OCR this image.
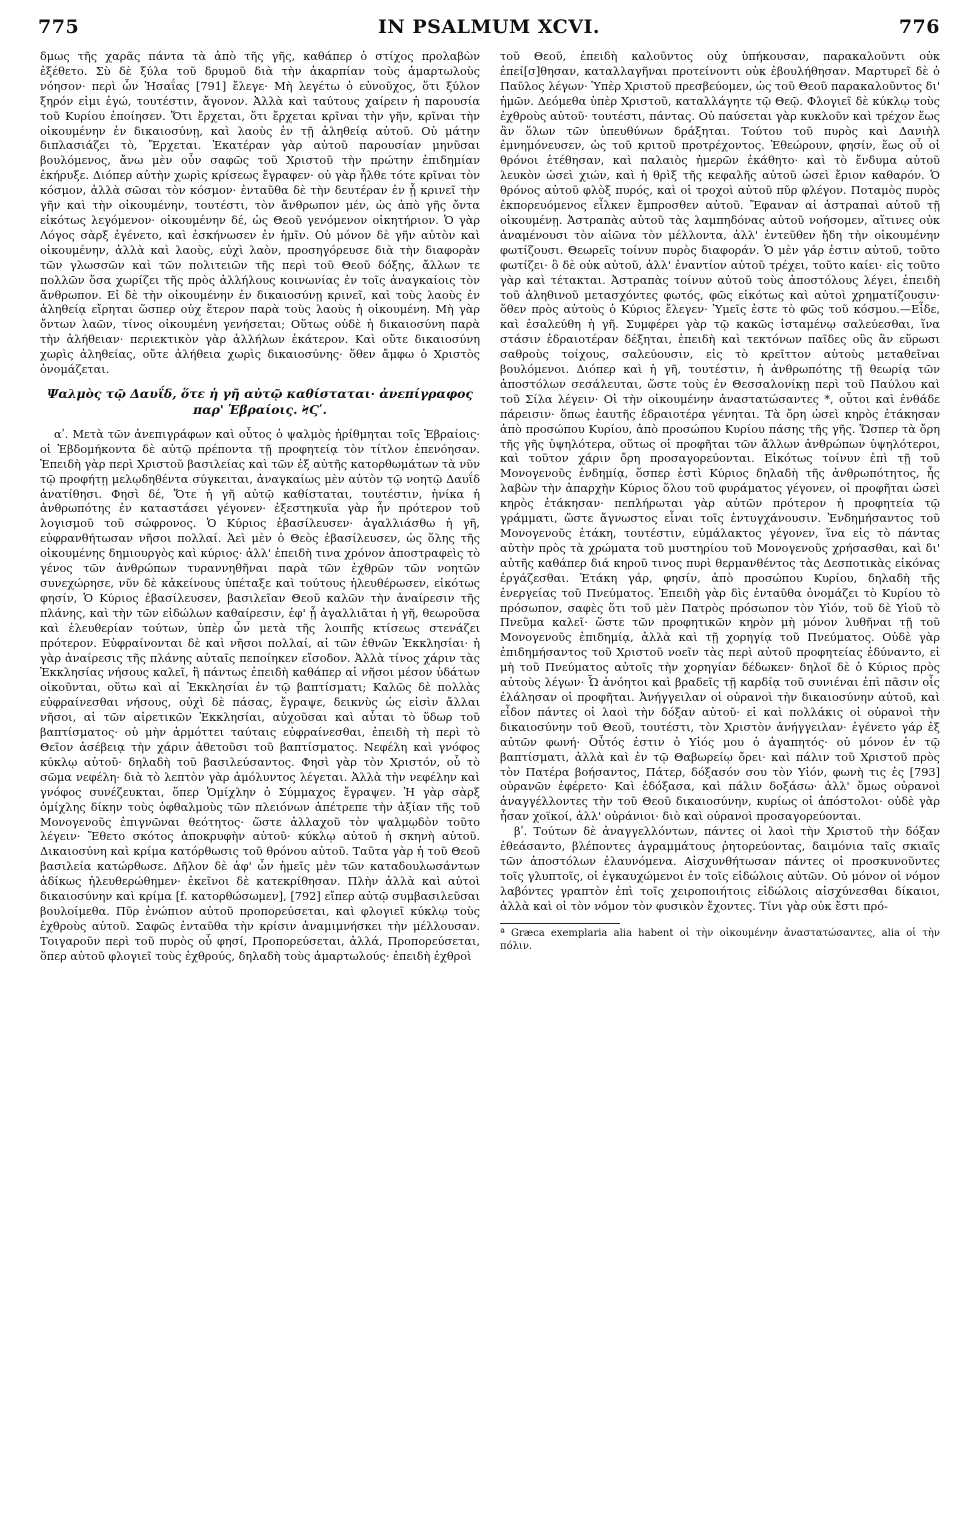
775	IN PSALMUM XCVI.	776

δμως τῆς χαρᾶς πάντα τὰ ἀπὸ τῆς γῆς, καθάπερ ὁ στίχος προλαβὼν ἐξέθετο. Σὺ δὲ ξύλα τοῦ δρυμοῦ διὰ τὴν ἀκαρπίαν τοὺς ἁμαρτωλοὺς νόησον· περὶ ὧν Ἡσαΐας [791] ἔλεγε· Μὴ λεγέτω ὁ εὐνοῦχος, ὅτι ξύλον ξηρόν εἰμι ἐγώ, τουτέστιν, ἄγονον. Ἀλλὰ καὶ ταύτους χαίρειν ἡ παρουσία τοῦ Κυρίου ἐποίησεν. Ὅτι ἔρχεται, ὅτι ἔρχεται κρῖναι τὴν γῆν, κρῖναι τὴν οἰκουμένην ἐν δικαιοσύνῃ, καὶ λαοὺς ἐν τῇ ἀληθείᾳ αὐτοῦ. Οὐ μάτην διπλασιάζει τὸ, Ἔρχεται. Ἑκατέραν γὰρ αὐτοῦ παρουσίαν μηνῦσαι βουλόμενος, ἄνω μὲν οὖν σαφῶς τοῦ Χριστοῦ τὴν πρώτην ἐπιδημίαν ἐκήρυξε. Διόπερ αὐτὴν χωρὶς κρίσεως ἔγραφεν· οὐ γὰρ ἦλθε τότε κρῖναι τὸν κόσμον, ἀλλὰ σῶσαι τὸν κόσμον· ἐνταῦθα δὲ τὴν δευτέραν ἐν ᾗ κρινεῖ τὴν γῆν καὶ τὴν οἰκουμένην, τουτέστι, τὸν ἄνθρωπον μέν, ὡς ἀπὸ γῆς ὄντα εἰκότως λεγόμενον· οἰκουμένην δέ, ὡς Θεοῦ γενόμενον οἰκητήριον. Ὁ γὰρ Λόγος σὰρξ ἐγένετο, καὶ ἐσκήνωσεν ἐν ἡμῖν. Οὐ μόνον δὲ γῆν αὐτὸν καὶ οἰκουμένην, ἀλλὰ καὶ λαοὺς, εὐχὶ λαὸν, προσηγόρευσε διὰ τὴν διαφορὰν τῶν γλωσσῶν καὶ τῶν πολιτειῶν τῆς περὶ τοῦ Θεοῦ δόξης, ἄλλων τε πολλῶν ὅσα χωρίζει τῆς πρὸς ἀλλήλους κοινωνίας ἐν τοῖς ἀναγκαίοις τὸν ἄνθρωπον. Εἰ δὲ τὴν οἰκουμένην ἐν δικαιοσύνῃ κρινεῖ, καὶ τοὺς λαοὺς ἐν ἀληθείᾳ εἴρηται ὥσπερ οὐχ ἕτερον παρὰ τοὺς λαοὺς ἡ οἰκουμένη. Μὴ γὰρ ὄντων λαῶν, τίνος οἰκουμένη γενήσεται; Οὕτως οὐδὲ ἡ δικαιοσύνη παρὰ τὴν ἀλήθειαν· περιεκτικὸν γὰρ ἀλλήλων ἑκάτερον. Καὶ οὔτε δικαιοσύνη χωρὶς ἀληθείας, οὔτε ἀλήθεια χωρὶς δικαιοσύνης· ὅθεν ἄμφω ὁ Χριστὸς ὀνομάζεται.

Ψαλμὸς τῷ Δαυΐδ, ὅτε ἡ γῆ αὐτῷ καθίσταται· ἀνεπίγραφος παρ' Ἑβραίοις. ϞϚʹ.

αʹ. Μετὰ τῶν ἀνεπιγράφων καὶ οὗτος ὁ ψαλμὸς ἠρίθμηται τοῖς Ἑβραίοις· οἱ Ἑβδομήκοντα δὲ αὐτῷ πρέποντα τῇ προφητείᾳ τὸν τίτλον ἐπενόησαν. Ἐπειδὴ γὰρ περὶ Χριστοῦ βασιλείας καὶ τῶν ἐξ αὐτῆς κατορθωμάτων τὰ νῦν τῷ προφήτῃ μελῳδηθέντα σύγκειται, ἀναγκαίως μὲν αὐτὸν τῷ νοητῷ Δαυΐδ ἀνατίθησι. Φησὶ δέ, Ὅτε ἡ γῆ αὐτῷ καθίσταται, τουτέστιν, ἡνίκα ἡ ἀνθρωπότης ἐν καταστάσει γέγονεν· ἐξεστηκυῖα γὰρ ἦν πρότερον τοῦ λογισμοῦ τοῦ σώφρονος. Ὁ Κύριος ἐβασίλευσεν· ἀγαλλιάσθω ἡ γῆ, εὐφρανθήτωσαν νῆσοι πολλαί. Ἀεὶ μὲν ὁ Θεὸς ἐβασίλευσεν, ὡς ὅλης τῆς οἰκουμένης δημιουργὸς καὶ κύριος· ἀλλ' ἐπειδὴ τινα χρόνον ἀποστραφεὶς τὸ γένος τῶν ἀνθρώπων τυραννηθῆναι παρὰ τῶν ἐχθρῶν τῶν νοητῶν συνεχώρησε, νῦν δὲ κἀκείνους ὑπέταξε καὶ τούτους ἠλευθέρωσεν, εἰκότως φησίν, Ὁ Κύριος ἐβασίλευσεν, βασιλεῖαν Θεοῦ καλῶν τὴν ἀναίρεσιν τῆς πλάνης, καὶ τὴν τῶν εἰδώλων καθαίρεσιν, ἐφ' ᾗ ἀγαλλιᾶται ἡ γῆ, θεωροῦσα καὶ ἐλευθερίαν τούτων, ὑπὲρ ὧν μετὰ τῆς λοιπῆς κτίσεως στενάζει πρότερον. Εὐφραίνονται δὲ καὶ νῆσοι πολλαί, αἱ τῶν ἐθνῶν Ἐκκλησίαι· ἡ γὰρ ἀναίρεσις τῆς πλάνης αὐταῖς πεποίηκεν εἴσοδον. Ἀλλὰ τίνος χάριν τὰς Ἐκκλησίας νήσους καλεῖ, ἢ πάντως ἐπειδὴ καθάπερ αἱ νῆσοι μέσον ὑδάτων οἰκοῦνται, οὕτω καὶ αἱ Ἐκκλησίαι ἐν τῷ βαπτίσματι; Καλῶς δὲ πολλὰς εὐφραίνεσθαι νήσους, οὐχὶ δὲ πάσας, ἔγραψε, δεικνὺς ὡς εἰσὶν ἄλλαι νῆσοι, αἱ τῶν αἱρετικῶν Ἐκκλησίαι, αὐχοῦσαι καὶ αὗται τὸ ὕδωρ τοῦ βαπτίσματος· οὐ μὴν ἁρμόττει ταύταις εὐφραίνεσθαι, ἐπειδὴ τὴ περὶ τὸ Θεῖον ἀσέβειᾳ τὴν χάριν ἀθετοῦσι τοῦ βαπτίσματος. Νεφέλη καὶ γνόφος κύκλῳ αὐτοῦ· δηλαδὴ τοῦ βασιλεύσαντος. Φησὶ γὰρ τὸν Χριστόν, οὗ τὸ σῶμα νεφέλη· διὰ τὸ λεπτὸν γὰρ ἀμόλυντος λέγεται. Ἀλλὰ τὴν νεφέλην καὶ γνόφος συνέζευκται, ὅπερ Ὁμίχλην ὁ Σύμμαχος ἔγραψεν. Ἡ γὰρ σὰρξ ὁμίχλης δίκην τοὺς ὀφθαλμοὺς τῶν πλειόνων ἀπέτρεπε τὴν ἀξίαν τῆς τοῦ Μονογενοῦς ἐπιγνῶναι θεότητος· ὥστε ἀλλαχοῦ τὸν ψαλμῳδὸν τοῦτο λέγειν· Ἔθετο σκότος ἀποκρυφὴν αὐτοῦ· κύκλῳ αὐτοῦ ἡ σκηνὴ αὐτοῦ. Δικαιοσύνη καὶ κρίμα κατόρθωσις τοῦ θρόνου αὐτοῦ. Ταῦτα γὰρ ἡ τοῦ Θεοῦ βασιλεία κατώρθωσε. Δῆλον δὲ ἀφ' ὧν ἡμεῖς μὲν τῶν καταδουλωσάντων ἀδίκως ἠλευθερώθημεν· ἐκεῖνοι δὲ κατεκρίθησαν. Πλὴν ἀλλὰ καὶ αὐτοὶ δικαιοσύνην καὶ κρίμα [f. κατορθώσωμεν], [792] εἴπερ αὐτῷ συμβασιλεῦσαι βουλοίμεθα. Πῦρ ἐνώπιον αὐτοῦ προπορεύσεται, καὶ φλογιεῖ κύκλῳ τοὺς ἐχθροὺς αὐτοῦ. Σαφῶς ἐνταῦθα τὴν κρίσιν ἀναμιμνήσκει τὴν μέλλουσαν. Τοιγαροῦν περὶ τοῦ πυρὸς οὗ φησί, Προπορεύσεται, ἀλλά, Προπορεύσεται, ὅπερ αὐτοῦ φλογιεῖ τοὺς ἐχθρούς, δηλαδὴ τοὺς ἁμαρτωλούς· ἐπειδὴ ἐχθροὶ

τοῦ Θεοῦ, ἐπειδὴ καλοῦντος οὐχ ὑπήκουσαν, παρακαλοῦντι οὐκ ἐπεί[σ]θησαν, καταλλαγῆναι προτείνοντι οὐκ ἐβουλήθησαν. Μαρτυρεῖ δὲ ὁ Παῦλος λέγων· Ὑπὲρ Χριστοῦ πρεσβεύομεν, ὡς τοῦ Θεοῦ παρακαλοῦντος δι' ἡμῶν. Δεόμεθα ὑπὲρ Χριστοῦ, καταλλάγητε τῷ Θεῷ. Φλογιεῖ δὲ κύκλῳ τοὺς ἐχθροὺς αὐτοῦ· τουτέστι, πάντας. Οὐ παύσεται γὰρ κυκλοῦν καὶ τρέχον ἕως ἂν ὅλων τῶν ὑπευθύνων δράξηται. Τούτου τοῦ πυρὸς καὶ Δανιὴλ ἐμνημόνευσεν, ὡς τοῦ κριτοῦ προτρέχοντος. Ἐθεώρουν, φησίν, ἕως οὗ οἱ θρόνοι ἐτέθησαν, καὶ παλαιὸς ἡμερῶν ἐκάθητο· καὶ τὸ ἔνδυμα αὐτοῦ λευκὸν ὡσεὶ χιών, καὶ ἡ θρὶξ τῆς κεφαλῆς αὐτοῦ ὡσεὶ ἔριον καθαρόν. Ὁ θρόνος αὐτοῦ φλὸξ πυρός, καὶ οἱ τροχοὶ αὐτοῦ πῦρ φλέγον. Ποταμὸς πυρὸς ἐκπορευόμενος εἷλκεν ἔμπροσθεν αὐτοῦ. Ἔφαναν αἱ ἀστραπαὶ αὐτοῦ τῇ οἰκουμένῃ. Ἀστραπὰς αὐτοῦ τὰς λαμπηδόνας αὐτοῦ νοήσομεν, αἵτινες οὐκ ἀναμένουσι τὸν αἰῶνα τὸν μέλλοντα, ἀλλ' ἐντεῦθεν ἤδη τὴν οἰκουμένην φωτίζουσι. Θεωρεῖς τοίνυν πυρὸς διαφοράν. Ὁ μὲν γάρ ἐστιν αὐτοῦ, τοῦτο φωτίζει· ὃ δὲ οὐκ αὐτοῦ, ἀλλ' ἐναντίον αὐτοῦ τρέχει, τοῦτο καίει· εἰς τοῦτο γὰρ καὶ τέτακται. Ἀστραπὰς τοίνυν αὐτοῦ τοὺς ἀποστόλους λέγει, ἐπειδὴ τοῦ ἀληθινοῦ μετασχόντες φωτός, φῶς εἰκότως καὶ αὐτοὶ χρηματίζουσιν· ὅθεν πρὸς αὐτοὺς ὁ Κύριος ἔλεγεν· Ὑμεῖς ἐστε τὸ φῶς τοῦ κόσμου.—Εἶδε, καὶ ἐσαλεύθη ἡ γῆ. Συμφέρει γὰρ τῷ κακῶς ἱσταμένῳ σαλεύεσθαι, ἵνα στάσιν ἑδραιοτέραν δέξηται, ἐπειδὴ καὶ τεκτόνων παῖδες οὓς ἂν εὕρωσι σαθροὺς τοίχους, σαλεύουσιν, εἰς τὸ κρεῖττον αὐτοὺς μεταθεῖναι βουλόμενοι. Διόπερ καὶ ἡ γῆ, τουτέστιν, ἡ ἀνθρωπότης τῇ θεωρίᾳ τῶν ἀποστόλων σεσάλευται, ὥστε τοὺς ἐν Θεσσαλονίκῃ περὶ τοῦ Παύλου καὶ τοῦ Σίλα λέγειν· Οἱ τὴν οἰκουμένην ἀναστατώσαντες *, οὗτοι καὶ ἐνθάδε πάρεισιν· ὅπως ἑαυτῆς ἑδραιοτέρα γένηται. Τὰ ὄρη ὡσεὶ κηρὸς ἐτάκησαν ἀπὸ προσώπου Κυρίου, ἀπὸ προσώπου Κυρίου πάσης τῆς γῆς. Ὥσπερ τὰ ὄρη τῆς γῆς ὑψηλότερα, οὕτως οἱ προφῆται τῶν ἄλλων ἀνθρώπων ὑψηλότεροι, καὶ τοῦτον χάριν ὄρη προσαγορεύονται. Εἰκότως τοίνυν ἐπὶ τῇ τοῦ Μονογενοῦς ἐνδημίᾳ, ὅσπερ ἐστὶ Κύριος δηλαδὴ τῆς ἀνθρωπότητος, ἧς λαβὼν τὴν ἀπαρχὴν Κύριος ὅλου τοῦ φυράματος γέγονεν, οἱ προφῆται ὡσεὶ κηρὸς ἐτάκησαν· πεπλήρωται γὰρ αὐτῶν πρότερον ἡ προφητεία τῷ γράμματι, ὥστε ἄγνωστος εἶναι τοῖς ἐντυγχάνουσιν. Ἐνδημήσαντος τοῦ Μονογενοῦς ἐτάκη, τουτέστιν, εὐμάλακτος γέγονεν, ἵνα εἰς τὸ πάντας αὐτὴν πρὸς τὰ χρώματα τοῦ μυστηρίου τοῦ Μονογενοῦς χρήσασθαι, καὶ δι' αὐτῆς καθάπερ διά κηροῦ τινος πυρὶ θερμανθέντος τὰς Δεσποτικὰς εἰκόνας ἐργάζεσθαι. Ἐτάκη γάρ, φησίν, ἀπὸ προσώπου Κυρίου, δηλαδὴ τῆς ἐνεργείας τοῦ Πνεύματος. Ἐπειδὴ γὰρ δὶς ἐνταῦθα ὀνομάζει τὸ Κυρίου τὸ πρόσωπον, σαφὲς ὅτι τοῦ μὲν Πατρὸς πρόσωπον τὸν Υἱόν, τοῦ δὲ Υἱοῦ τὸ Πνεῦμα καλεῖ· ὥστε τῶν προφητικῶν κηρὸν μὴ μόνον λυθῆναι τῇ τοῦ Μονογενοῦς ἐπιδημίᾳ, ἀλλὰ καὶ τῇ χορηγίᾳ τοῦ Πνεύματος. Οὐδὲ γὰρ ἐπιδημήσαντος τοῦ Χριστοῦ νοεῖν τὰς περὶ αὐτοῦ προφητείας ἐδύναντο, εἰ μὴ τοῦ Πνεύματος αὐτοῖς τὴν χορηγίαν δέδωκεν· δηλοῖ δὲ ὁ Κύριος πρὸς αὐτοὺς λέγων· Ὦ ἀνόητοι καὶ βραδεῖς τῇ καρδίᾳ τοῦ συνιέναι ἐπὶ πᾶσιν οἷς ἐλάλησαν οἱ προφῆται. Ἀνήγγειλαν οἱ οὐρανοὶ τὴν δικαιοσύνην αὐτοῦ, καὶ εἶδον πάντες οἱ λαοὶ τὴν δόξαν αὐτοῦ· εἰ καὶ πολλάκις οἱ οὐρανοὶ τὴν δικαιοσύνην τοῦ Θεοῦ, τουτέστι, τὸν Χριστὸν ἀνήγγειλαν· ἐγένετο γάρ ἐξ αὐτῶν φωνή· Οὗτός ἐστιν ὁ Υἱός μου ὁ ἀγαπητός· οὐ μόνον ἐν τῷ βαπτίσματι, ἀλλὰ καὶ ἐν τῷ Θαβωρείῳ ὄρει· καὶ πάλιν τοῦ Χριστοῦ πρὸς τὸν Πατέρα βοήσαντος, Πάτερ, δόξασόν σου τὸν Υἱόν, φωνὴ τις ἐς [793] οὐρανῶν ἐφέρετο· Καὶ ἐδόξασα, καὶ πάλιν δοξάσω· ἀλλ' ὅμως οὐρανοὶ ἀναγγέλλοντες τὴν τοῦ Θεοῦ δικαιοσύνην, κυρίως οἱ ἀπόστολοι· οὐδὲ γὰρ ἦσαν χοϊκοί, ἀλλ' οὐράνιοι· διὸ καὶ οὐρανοὶ προσαγορεύονται.

βʹ. Τούτων δὲ ἀναγγελλόντων, πάντες οἱ λαοὶ τὴν Χριστοῦ τὴν δόξαν ἐθεάσαντο, βλέποντες ἀγραμμάτους ῥητορεύοντας, δαιμόνια ταῖς σκιαῖς τῶν ἀποστόλων ἐλαυνόμενα. Αἰσχυνθήτωσαν πάντες οἱ προσκυνοῦντες τοῖς γλυπτοῖς, οἱ ἐγκαυχώμενοι ἐν τοῖς εἰδώλοις αὐτῶν. Οὐ μόνον οἱ νόμον λαβόντες γραπτὸν ἐπὶ τοῖς χειροποιήτοις εἰδώλοις αἰσχύνεσθαι δίκαιοι, ἀλλὰ καὶ οἱ τὸν νόμον τὸν φυσικὸν ἔχοντες. Τίνι γὰρ οὐκ ἔστι πρό-

ª Græca exemplaria alia habent οἱ τὴν οἰκουμένην ἀναστατώσαντες, alia οἱ τὴν πόλιν.
